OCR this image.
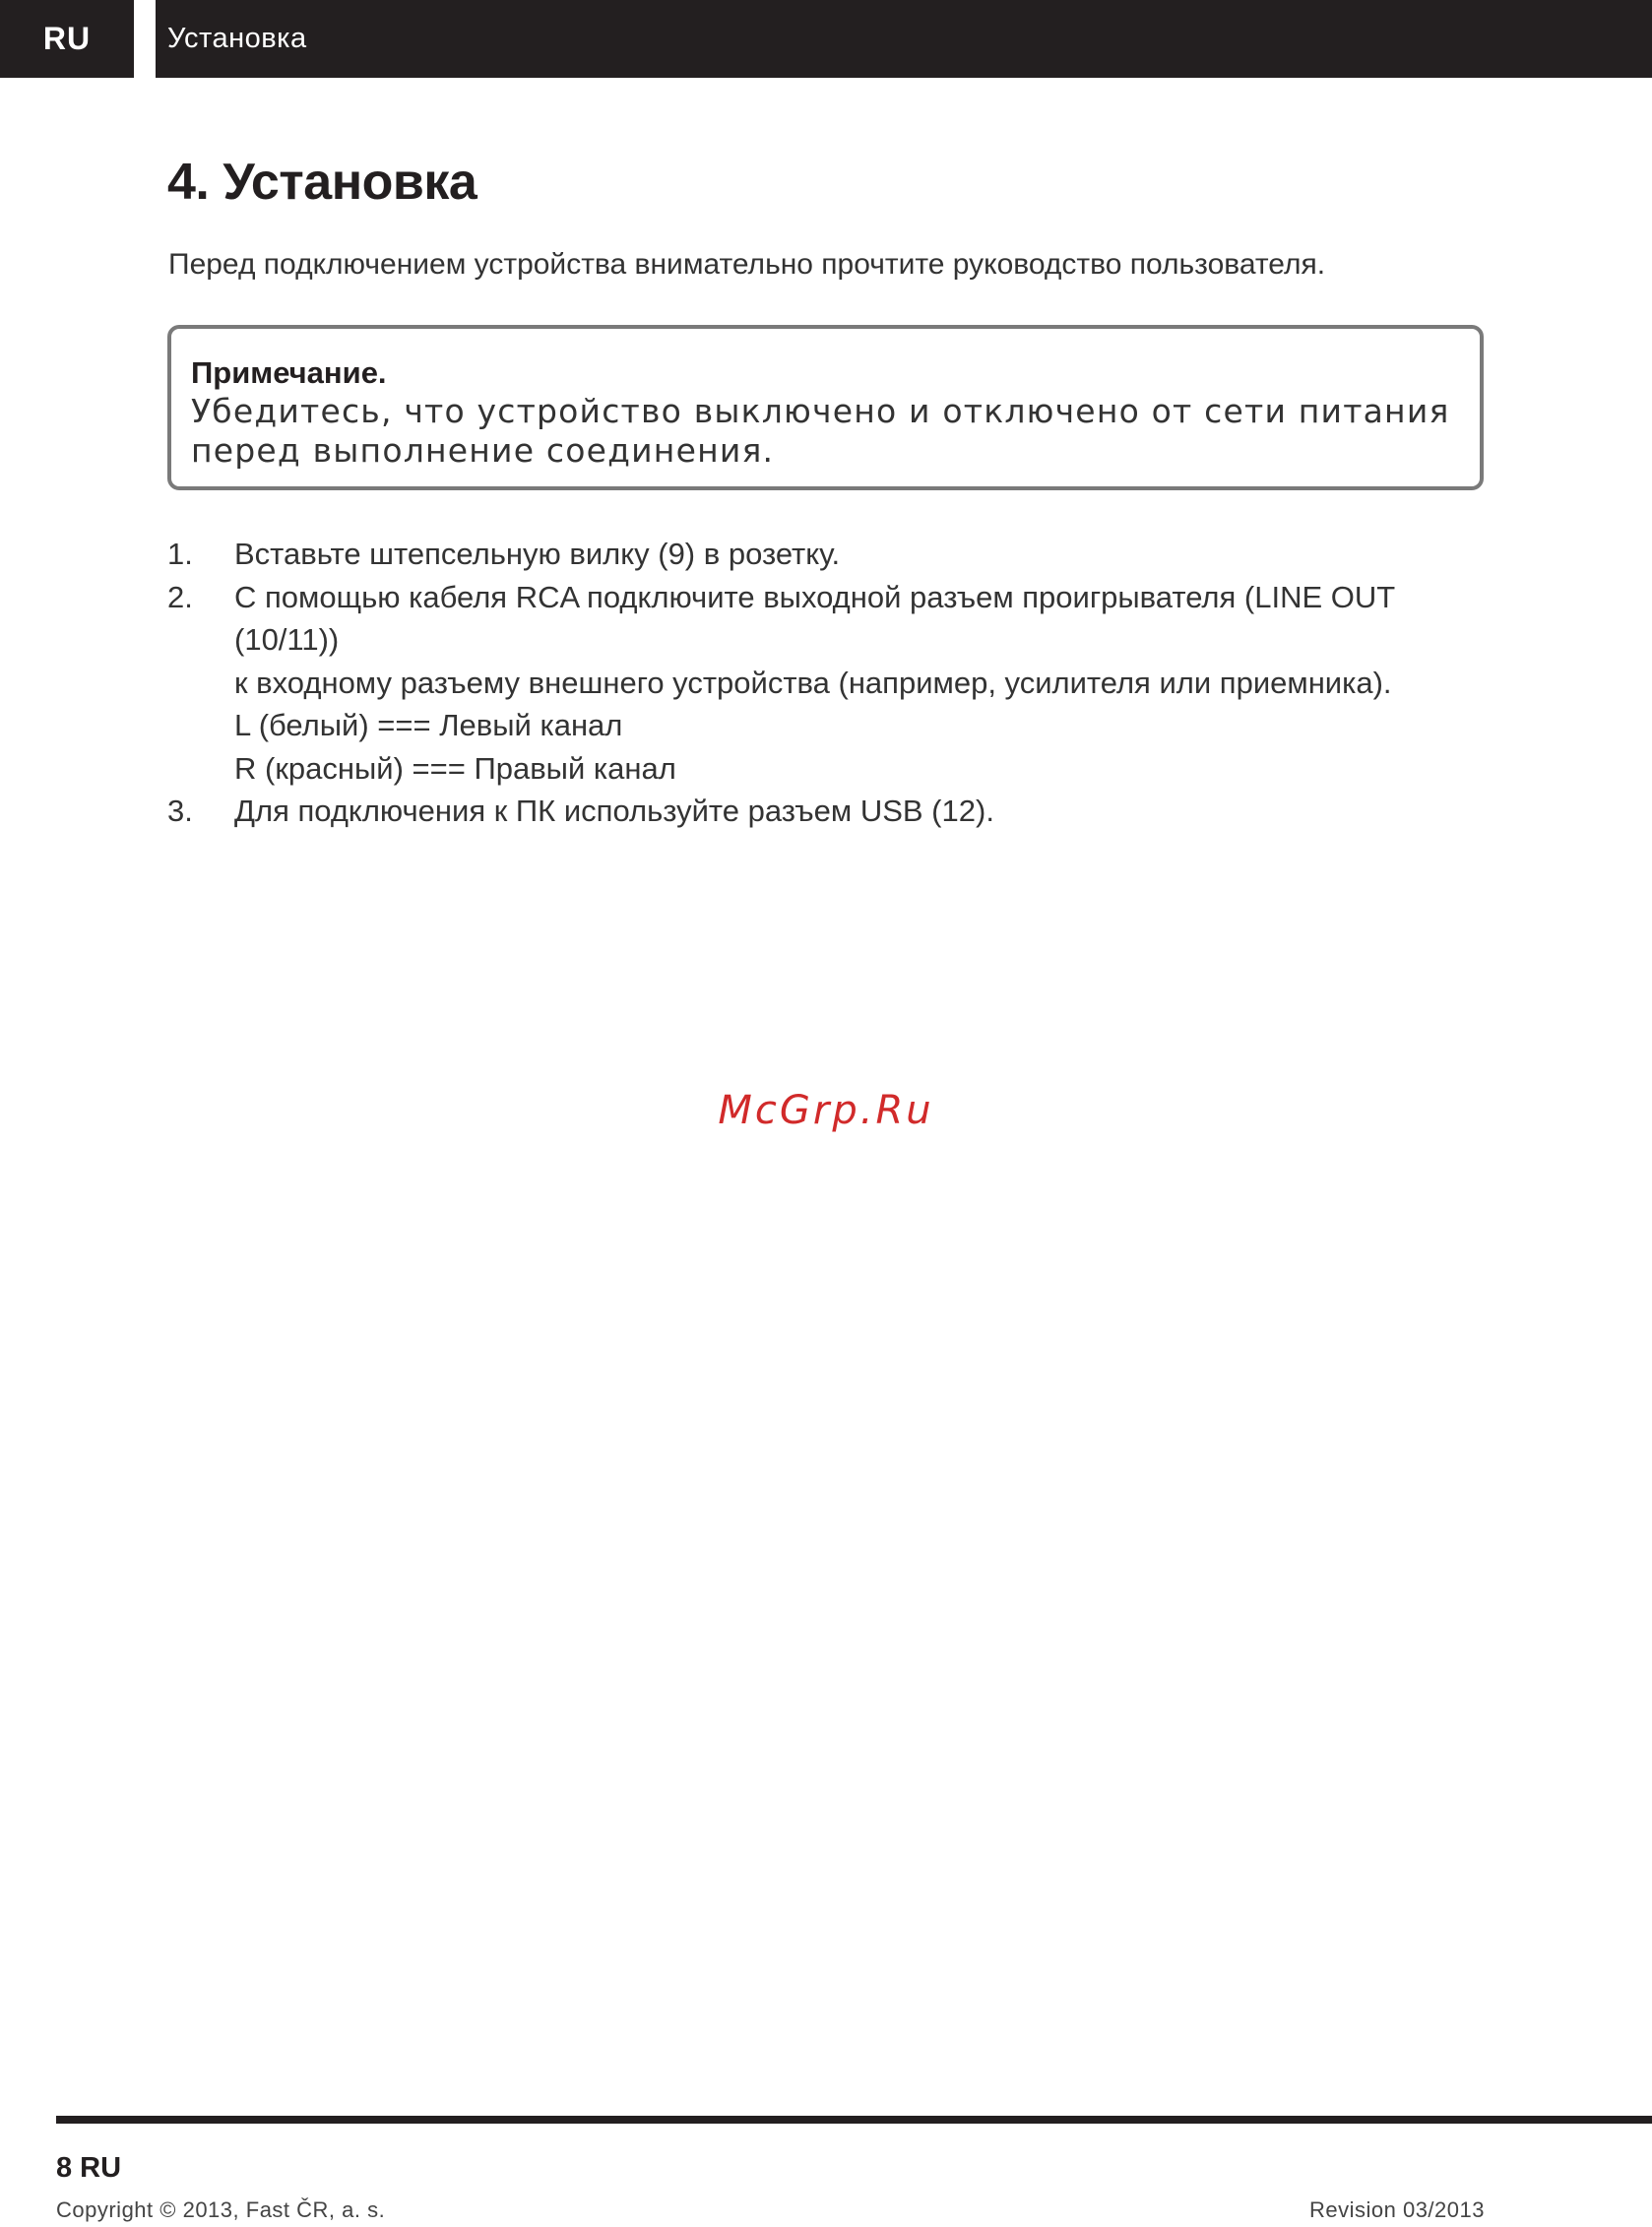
RU	Установка
4. Установка
Перед подключением устройства внимательно прочтите руководство пользователя.
Примечание.
Убедитесь, что устройство выключено и отключено от сети питания перед выполнение соединения.
1.	Вставьте штепсельную вилку (9) в розетку.
2.	С помощью кабеля RCA подключите выходной разъем проигрывателя (LINE OUT (10/11))
к входному разъему внешнего устройства (например, усилителя или приемника).
L (белый) === Левый канал
R (красный) === Правый канал
3.	Для подключения к ПК используйте разъем USB (12).
McGrp.Ru
8 RU
Copyright © 2013, Fast ČR, a. s.	Revision 03/2013
